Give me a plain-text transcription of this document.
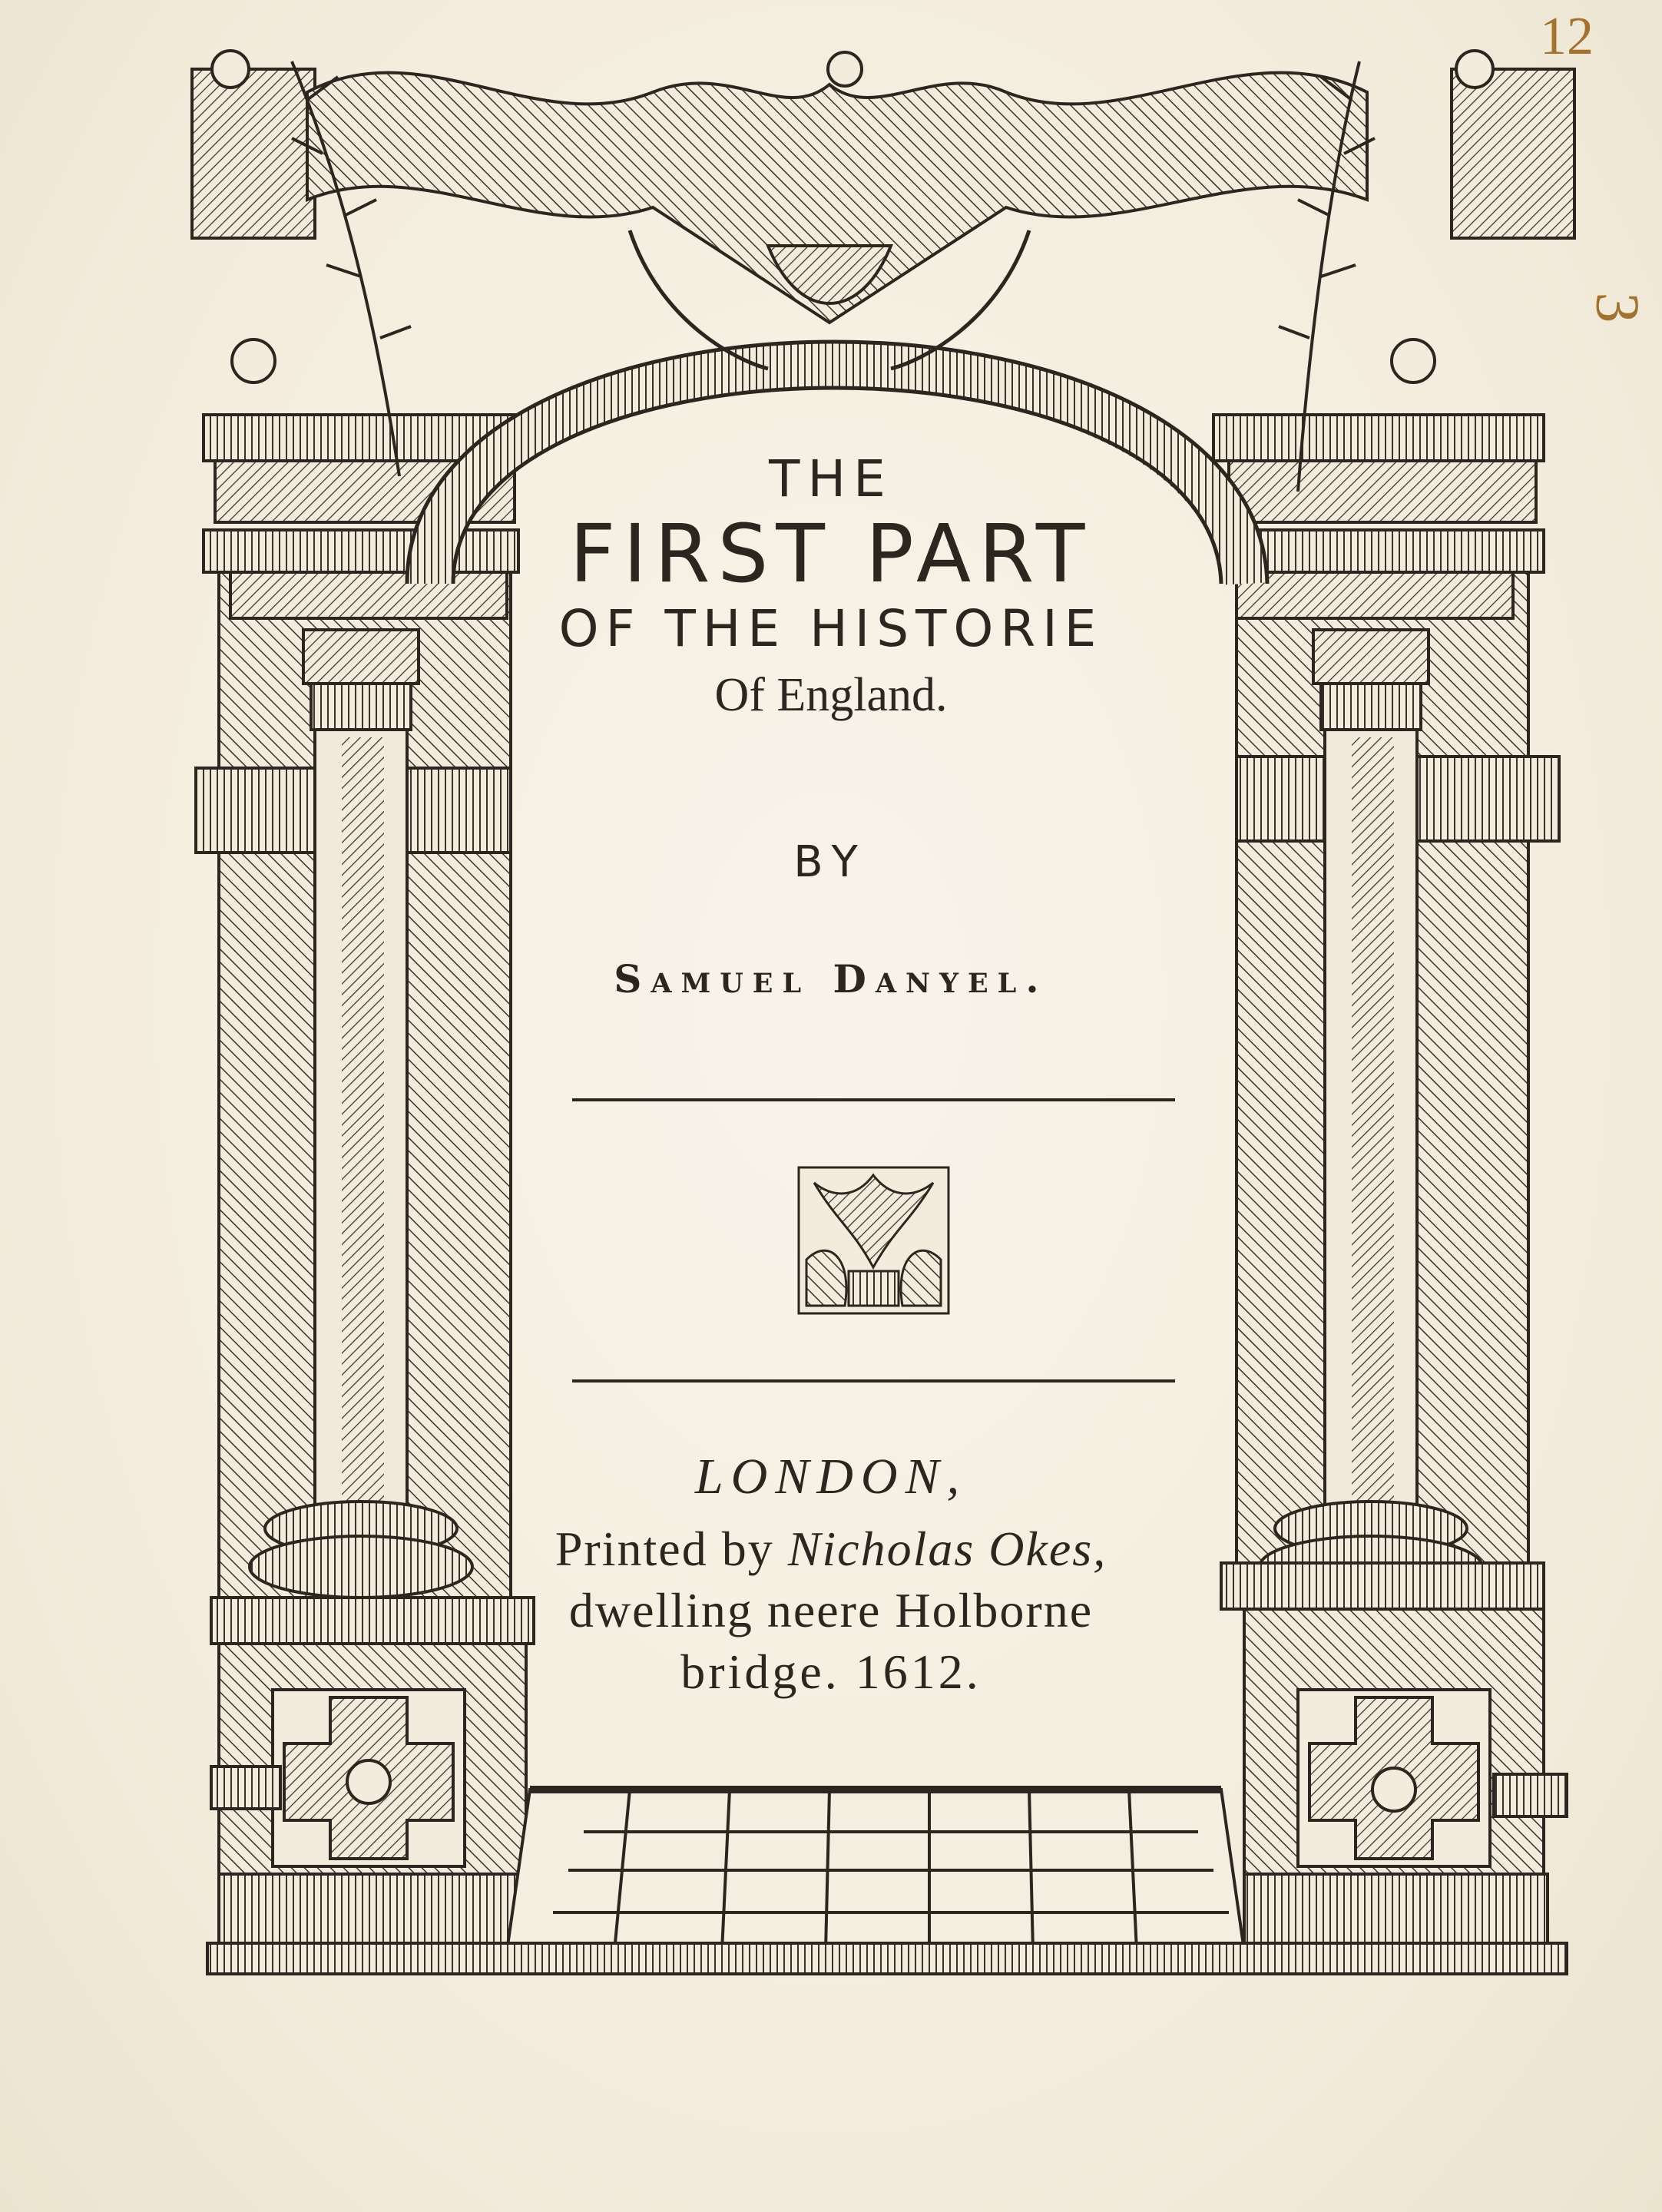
THE
FIRST PART
OF THE HISTORIE
Of England.
BY
Samuel Danyel.
LONDON,
Printed by Nicholas Okes,
dwelling neere Holborne
bridge. 1612.
12
3
